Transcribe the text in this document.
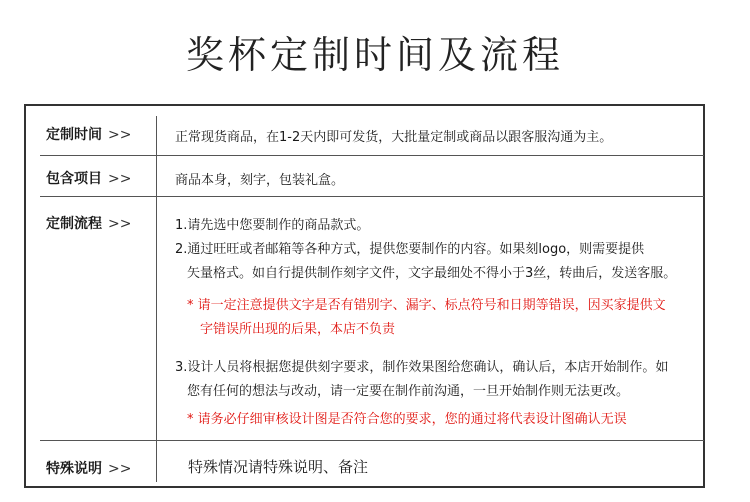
奖杯定制时间及流程
定制时间 >>	正常现货商品，在1-2天内即可发货，大批量定制或商品以跟客服沟通为主。
包含项目 >>	商品本身，刻字，包装礼盒。
定制流程 >>	1.请先选中您要制作的商品款式。
2.通过旺旺或者邮箱等各种方式，提供您要制作的内容。如果刻logo，则需要提供
矢量格式。如自行提供制作刻字文件，文字最细处不得小于3丝，转曲后，发送客服。
* 请一定注意提供文字是否有错别字、漏字、标点符号和日期等错误，因买家提供文
字错误所出现的后果，本店不负责
3.设计人员将根据您提供刻字要求，制作效果图给您确认，确认后，本店开始制作。如
您有任何的想法与改动，请一定要在制作前沟通，一旦开始制作则无法更改。
* 请务必仔细审核设计图是否符合您的要求，您的通过将代表设计图确认无误
特殊说明 >>	特殊情况请特殊说明、备注
